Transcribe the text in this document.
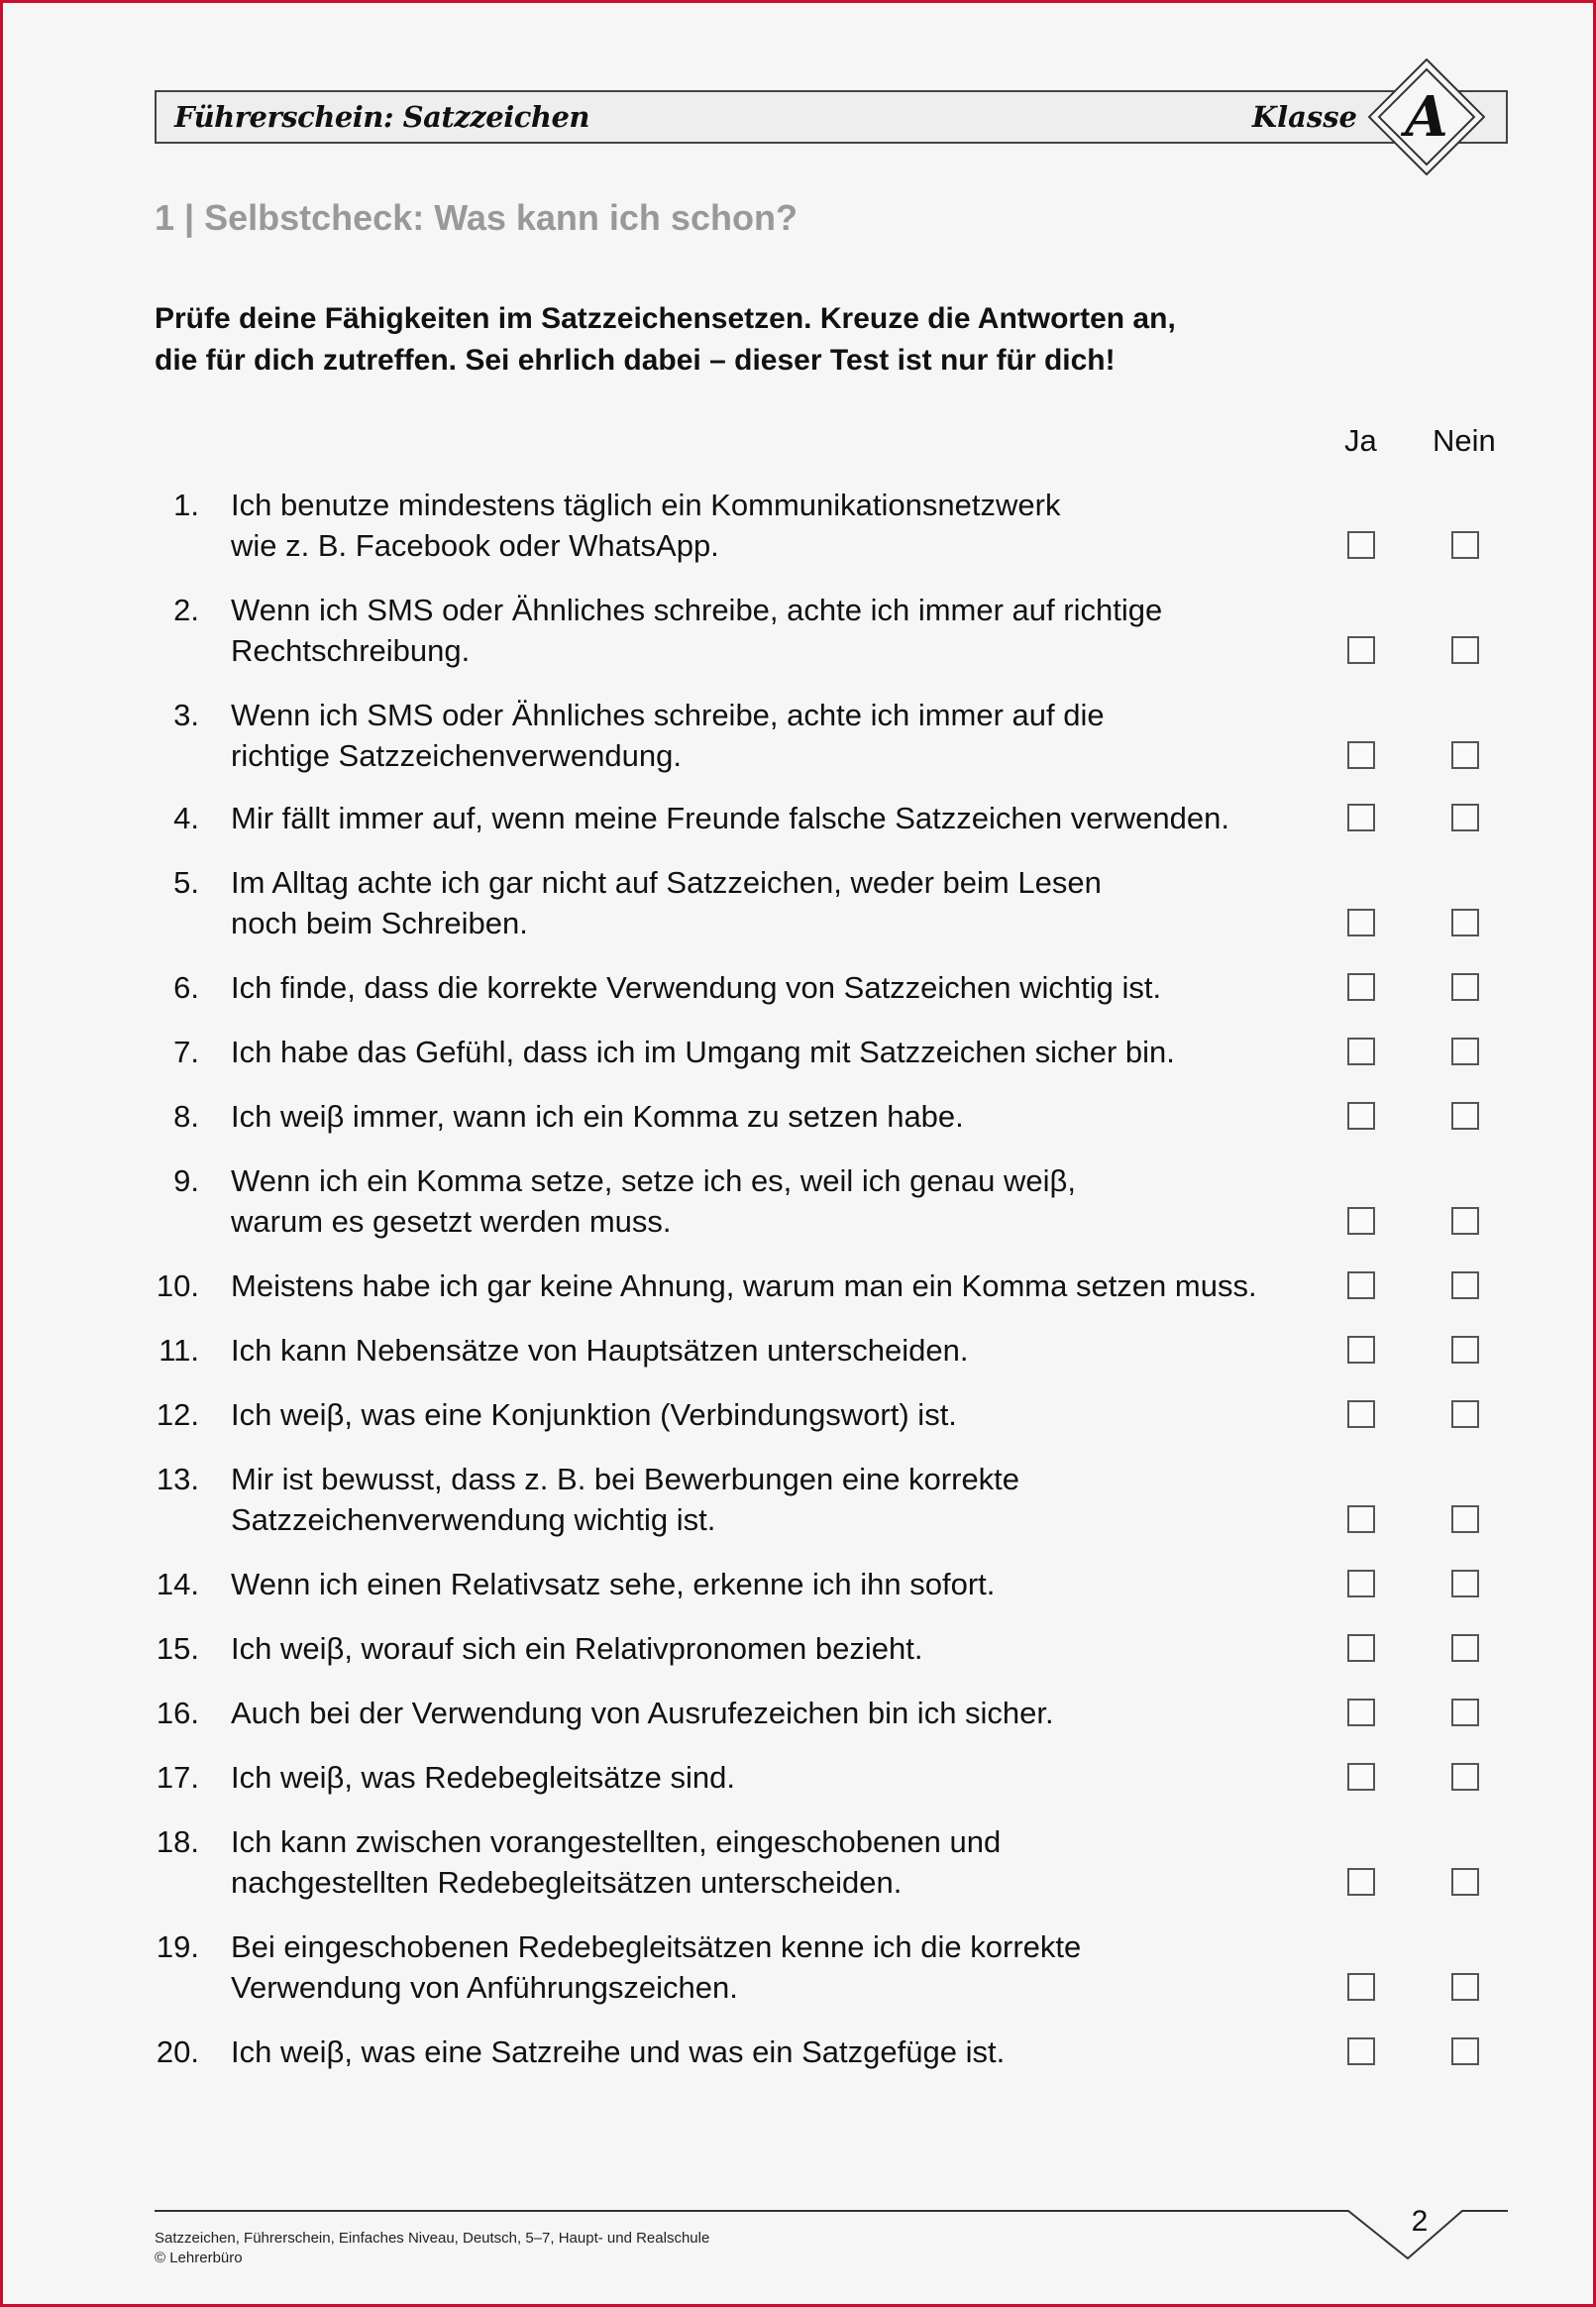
Führerschein: Satzzeichen	Klasse A
1 | Selbstcheck: Was kann ich schon?
Prüfe deine Fähigkeiten im Satzzeichensetzen. Kreuze die Antworten an,
die für dich zutreffen. Sei ehrlich dabei – dieser Test ist nur für dich!
Ja Nein
1. Ich benutze mindestens täglich ein Kommunikationsnetzwerk
wie z. B. Facebook oder WhatsApp.
2. Wenn ich SMS oder Ähnliches schreibe, achte ich immer auf richtige
Rechtschreibung.
3. Wenn ich SMS oder Ähnliches schreibe, achte ich immer auf die
richtige Satzzeichenverwendung.
4. Mir fällt immer auf, wenn meine Freunde falsche Satzzeichen verwenden.
5. Im Alltag achte ich gar nicht auf Satzzeichen, weder beim Lesen
noch beim Schreiben.
6. Ich finde, dass die korrekte Verwendung von Satzzeichen wichtig ist.
7. Ich habe das Gefühl, dass ich im Umgang mit Satzzeichen sicher bin.
8. Ich weiβ immer, wann ich ein Komma zu setzen habe.
9. Wenn ich ein Komma setze, setze ich es, weil ich genau weiβ,
warum es gesetzt werden muss.
10. Meistens habe ich gar keine Ahnung, warum man ein Komma setzen muss.
11. Ich kann Nebensätze von Hauptsätzen unterscheiden.
12. Ich weiβ, was eine Konjunktion (Verbindungswort) ist.
13. Mir ist bewusst, dass z. B. bei Bewerbungen eine korrekte
Satzzeichenverwendung wichtig ist.
14. Wenn ich einen Relativsatz sehe, erkenne ich ihn sofort.
15. Ich weiβ, worauf sich ein Relativpronomen bezieht.
16. Auch bei der Verwendung von Ausrufezeichen bin ich sicher.
17. Ich weiβ, was Redebegleitsätze sind.
18. Ich kann zwischen vorangestellten, eingeschobenen und
nachgestellten Redebegleitsätzen unterscheiden.
19. Bei eingeschobenen Redebegleitsätzen kenne ich die korrekte
Verwendung von Anführungszeichen.
20. Ich weiβ, was eine Satzreihe und was ein Satzgefüge ist.
Satzzeichen, Führerschein, Einfaches Niveau, Deutsch, 5–7, Haupt- und Realschule
© Lehrerbüro
2
